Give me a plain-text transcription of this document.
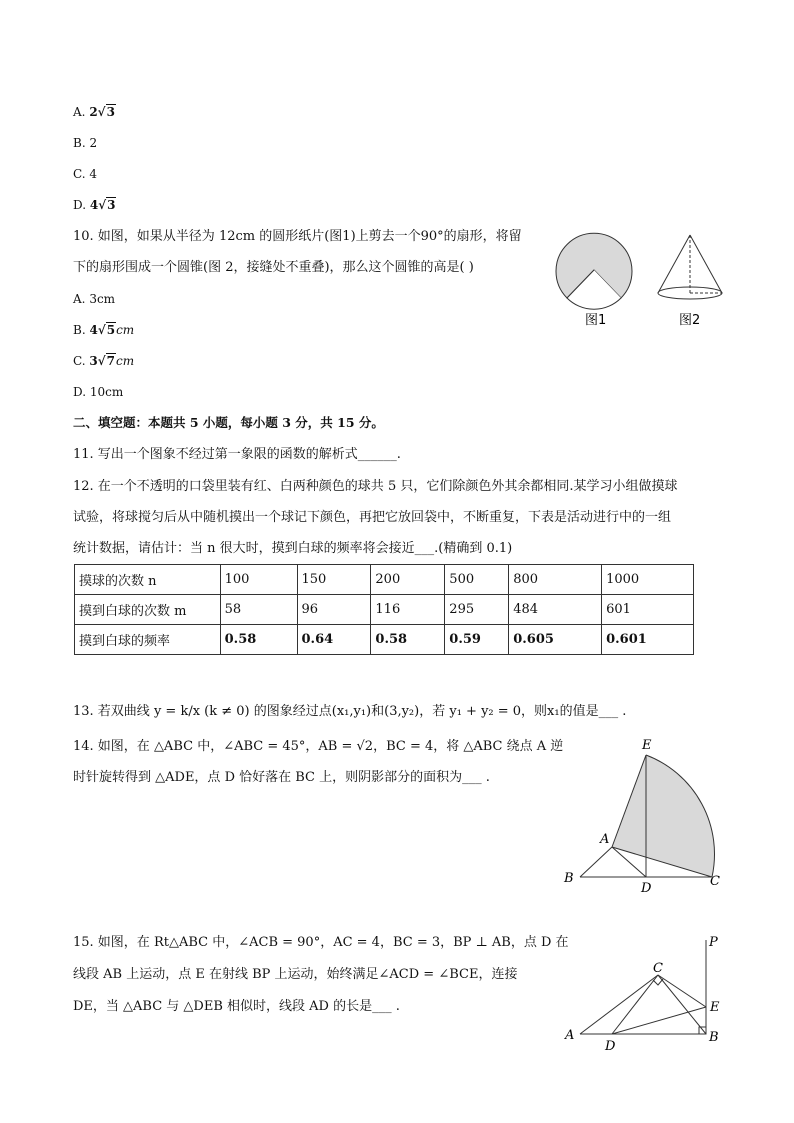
A. 2√3
B. 2
C. 4
D. 4√3
10. 如图，如果从半径为 12cm 的圆形纸片(图1)上剪去一个90°的扇形，将留
下的扇形围成一个圆锥(图 2，接缝处不重叠)，那么这个圆锥的高是( )
A. 3cm
B. 4√5cm
C. 3√7cm
D. 10cm
图1	图2
二、填空题：本题共 5 小题，每小题 3 分，共 15 分。
11. 写出一个图象不经过第一象限的函数的解析式______.
12. 在一个不透明的口袋里装有红、白两种颜色的球共 5 只，它们除颜色外其余都相同.某学习小组做摸球
试验，将球搅匀后从中随机摸出一个球记下颜色，再把它放回袋中，不断重复，下表是活动进行中的一组
统计数据，请估计：当 n 很大时，摸到白球的频率将会接近___.(精确到 0.1)
摸球的次数 n	100	150	200	500	800	1000
摸到白球的次数 m	58	96	116	295	484	601
摸到白球的频率	0.58	0.64	0.58	0.59	0.605	0.601
13. 若双曲线 y = k/x (k ≠ 0) 的图象经过点(x₁,y₁)和(3,y₂)，若 y₁ + y₂ = 0，则x₁的值是___ .
14. 如图，在 △ABC 中，∠ABC = 45°，AB = √2，BC = 4，将 △ABC 绕点 A 逆
时针旋转得到 △ADE，点 D 恰好落在 BC 上，则阴影部分的面积为___ .
E
A
B
D	C
15. 如图，在 Rt△ABC 中，∠ACB = 90°，AC = 4，BC = 3，BP ⊥ AB，点 D 在
线段 AB 上运动，点 E 在射线 BP 上运动，始终满足∠ACD = ∠BCE，连接
DE，当 △ABC 与 △DEB 相似时，线段 AD 的长是___ .
P
C
E
A
D
B
